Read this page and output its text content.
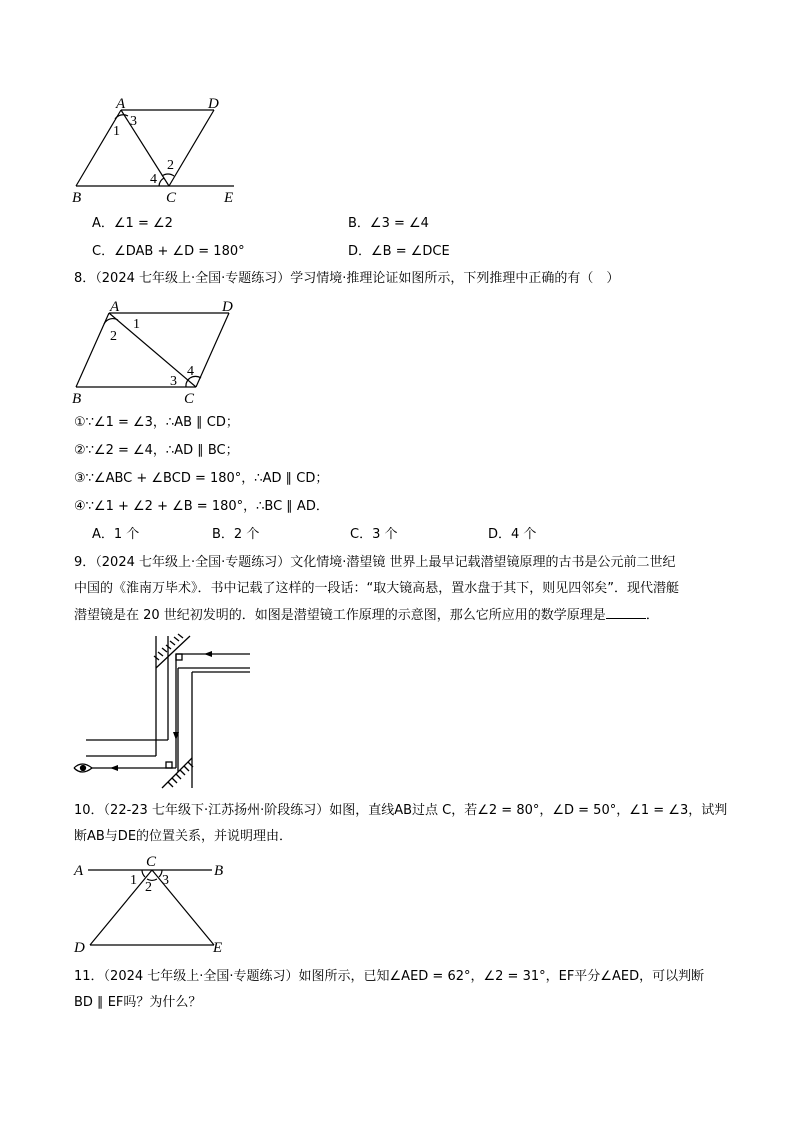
A	D
B	C	E
1
3
2
4
A．∠1 = ∠2	B．∠3 = ∠4
C．∠DAB + ∠D = 180°	D．∠B = ∠DCE
8．（2024 七年级上·全国·专题练习）学习情境·推理论证如图所示，下列推理中正确的有（　）
A	D
B	C
1
2
3
4
①∵∠1 = ∠3，∴AB ∥ CD；
②∵∠2 = ∠4，∴AD ∥ BC；
③∵∠ABC + ∠BCD = 180°，∴AD ∥ CD；
④∵∠1 + ∠2 + ∠B = 180°，∴BC ∥ AD．
A．1 个	B．2 个	C．3 个	D．4 个
9．（2024 七年级上·全国·专题练习）文化情境·潜望镜 世界上最早记载潜望镜原理的古书是公元前二世纪
中国的《淮南万毕术》．书中记载了这样的一段话：“取大镜高悬，置水盘于其下，则见四邻矣”．现代潜艇
潜望镜是在 20 世纪初发明的．如图是潜望镜工作原理的示意图，那么它所应用的数学原理是	．
10．（22-23 七年级下·江苏扬州·阶段练习）如图，直线AB过点 C，若∠2 = 80°，∠D = 50°，∠1 = ∠3，试判
断AB与DE的位置关系，并说明理由．
A	B
C
D	E
1 2 3
11．（2024 七年级上·全国·专题练习）如图所示，已知∠AED = 62°，∠2 = 31°，EF平分∠AED，可以判断
BD ∥ EF吗？为什么？
